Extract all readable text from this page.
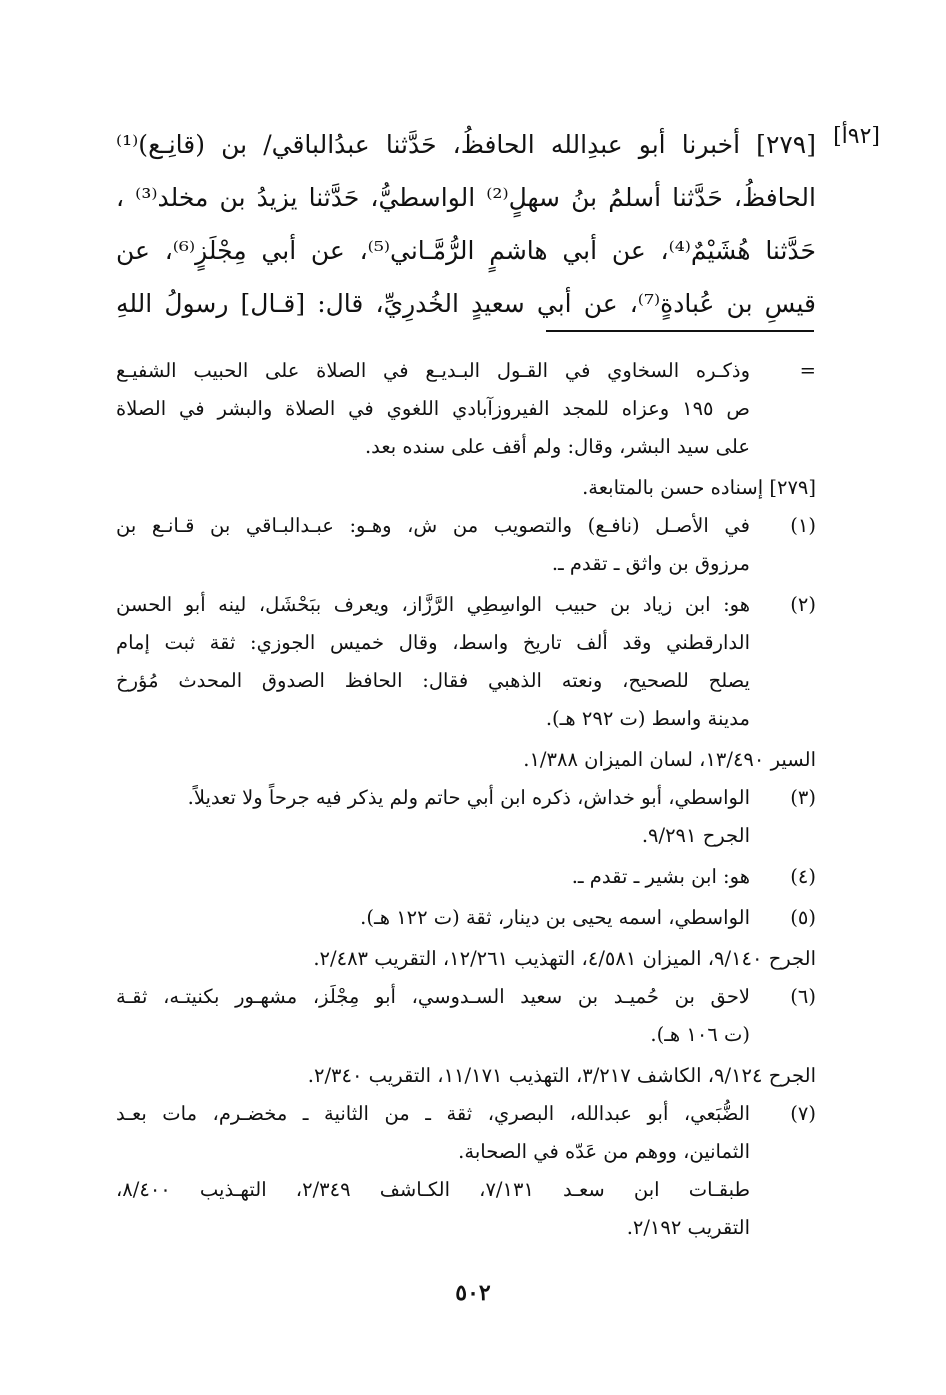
[٩٢أ]
[٢٧٩] أخبرنا أبو عبدِالله الحافظُ، حَدَّثنا عبدُالباقي/ بن (قانِـع)⁽¹⁾
الحافظُ، حَدَّثنا أسلمُ بنُ سهلٍ⁽²⁾ الواسطيُّ، حَدَّثنا يزيدُ بن مخلد⁽³⁾ ،
حَدَّثنا هُشَيْمٌ⁽⁴⁾، عن أبي هاشمٍ الرُّمَّـاني⁽⁵⁾، عن أبي مِجْلَزٍ⁽⁶⁾، عن
قيسِ بن عُبادةٍ⁽⁷⁾، عن أبي سعيدٍ الخُدرِيِّ، قال: [قـال] رسولُ اللهِ
=
وذكـره السخاوي في القـول البـديـع في الصلاة على الحبيب الشفيـع
ص ١٩٥ وعزاه للمجد الفيروزآبادي اللغوي في الصلاة والبشر في الصلاة
على سيد البشر، وقال: ولم أقف على سنده بعد.
[٢٧٩] إسناده حسن بالمتابعة.
(١)
في الأصـل (نافـع) والتصويب من ش، وهـو: عبـدالبـاقي بن قـانـع بن
مرزوق بن واثق ـ تقدم ـ.
(٢)
هو: ابن زياد بن حبيب الواسِطِي الرَّزَّاز، ويعرف ببَحْشَل، لينه أبو الحسن
الدارقطني وقد ألف تاريخ واسط، وقال خميس الجوزي: ثقة ثبت إمام
يصلح للصحيح، ونعته الذهبي فقال: الحافظ الصدوق المحدث مُؤرخ
مدينة واسط (ت ٢٩٢ هـ).
السير ١٣/٤٩٠، لسان الميزان ١/٣٨٨.
(٣)
الواسطي، أبو خداش، ذكره ابن أبي حاتم ولم يذكر فيه جرحاً ولا تعديلاً.
الجرح ٩/٢٩١.
(٤)
هو: ابن بشير ـ تقدم ـ.
(٥)
الواسطي، اسمه يحيى بن دينار، ثقة (ت ١٢٢ هـ).
الجرح ٩/١٤٠، الميزان ٤/٥٨١، التهذيب ١٢/٢٦١، التقريب ٢/٤٨٣.
(٦)
لاحق بن حُميـد بن سعيد السـدوسي، أبو مِجْلَز، مشهـور بكنيتـه، ثقـة
(ت ١٠٦ هـ).
الجرح ٩/١٢٤، الكاشف ٣/٢١٧، التهذيب ١١/١٧١، التقريب ٢/٣٤٠.
(٧)
الضُّبَعي، أبو عبدالله، البصري، ثقة ـ من الثانية ـ مخضـرم، مات بعـد
الثمانين، ووهم من عَدّه في الصحابة.
طبقـات ابن سعـد ٧/١٣١، الكـاشف ٢/٣٤٩، التهـذيب ٨/٤٠٠،
التقريب ٢/١٩٢.
٥٠٢
